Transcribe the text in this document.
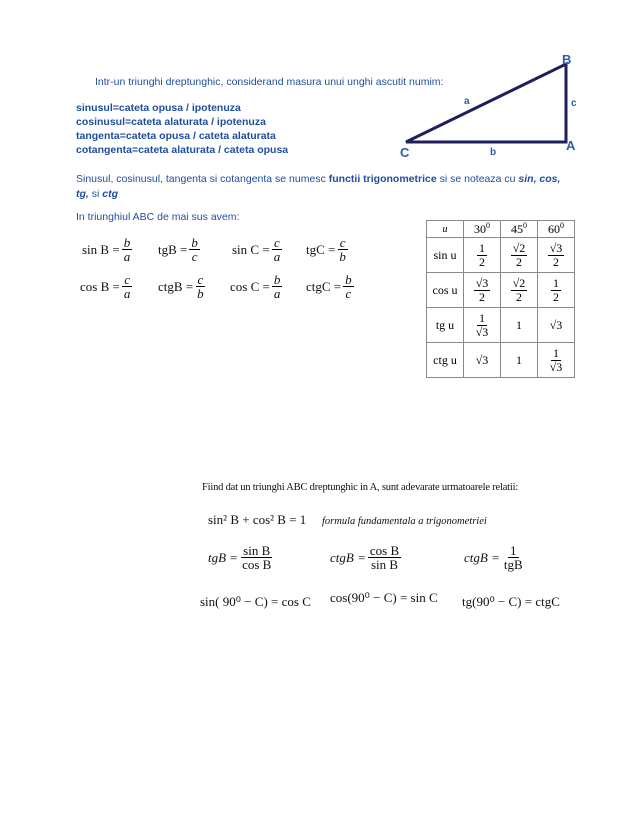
Intr-un triunghi dreptunghic, considerand masura unui unghi ascutit numim:
sinusul=cateta opusa / ipotenuza
cosinusul=cateta alaturata / ipotenuza
tangenta=cateta opusa / cateta alaturata
cotangenta=cateta alaturata / cateta opusa
B
A
C
a
b
c
Sinusul, cosinusul, tangenta si cotangenta se numesc functii trigonometrice si se noteaza cu sin, cos,
tg, si ctg
In triunghiul ABC de mai sus avem:
$\sin B = \frac{b}{a}$ tgB = $\frac{b}{c}$ $\sin C = \frac{c}{a}$ tgC = $\frac{c}{b}$
$\cos B = \frac{c}{a}$ ctgB = $\frac{c}{b}$ $\cos C = \frac{b}{a}$ ctgC = $\frac{b}{c}$
u	$30^0$	$45^0$	$60^0$
sin u	$\frac{1}{2}$	$\frac{√2}{2}$	$\frac{√3}{2}$

cos u	$\frac{√3}{2}$	$\frac{√2}{2}$	$\frac{1}{2}$

tg u	$\frac{1}{√3}$	1	√3
ctg u	√3	1	$\frac{1}{√3}$
Fiind dat un triunghi ABC dreptunghic in A, sunt adevarate urmatoarele relatii:
sin² B + cos² B = 1 formula fundamentala a trigonometriei
tgB = $\frac{\text{sin B}}{\text{cos B}}$	ctgB = $\frac{\text{cos B}}{\text{sin B}}$	ctgB = 1
tgB
sin( 90⁰ − C) = cos C cos(90⁰ − C) = sin C tg(90⁰ − C) = ctgC
